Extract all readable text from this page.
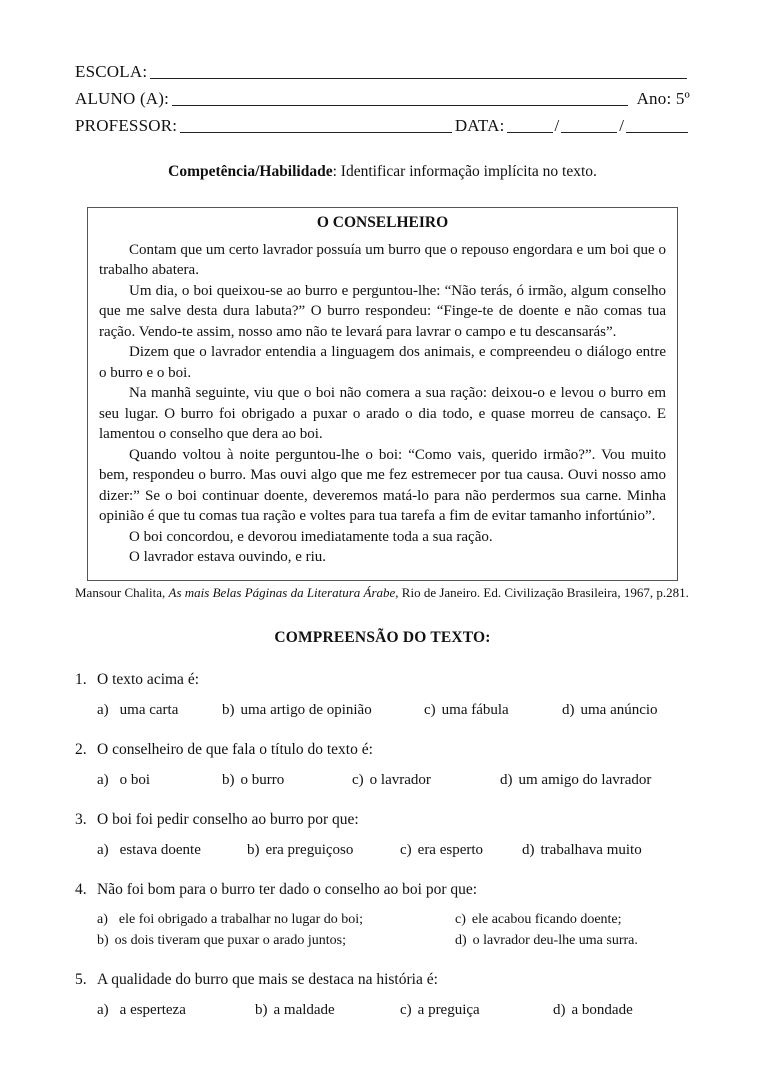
ESCOLA:
ALUNO (A):	Ano: 5º
PROFESSOR:	DATA:	/	/
Competência/Habilidade: Identificar informação implícita no texto.
O CONSELHEIRO

Contam que um certo lavrador possuía um burro que o repouso engordara e um boi que o trabalho abatera.

Um dia, o boi queixou-se ao burro e perguntou-lhe: “Não terás, ó irmão, algum conselho que me salve desta dura labuta?” O burro respondeu: “Finge-te de doente e não comas tua ração. Vendo-te assim, nosso amo não te levará para lavrar o campo e tu descansarás”.

Dizem que o lavrador entendia a linguagem dos animais, e compreendeu o diálogo entre o burro e o boi.

Na manhã seguinte, viu que o boi não comera a sua ração: deixou-o e levou o burro em seu lugar. O burro foi obrigado a puxar o arado o dia todo, e quase morreu de cansaço. E lamentou o conselho que dera ao boi.

Quando voltou à noite perguntou-lhe o boi: “Como vais, querido irmão?”. Vou muito bem, respondeu o burro. Mas ouvi algo que me fez estremecer por tua causa. Ouvi nosso amo dizer:” Se o boi continuar doente, deveremos matá-lo para não perdermos sua carne. Minha opinião é que tu comas tua ração e voltes para tua tarefa a fim de evitar tamanho infortúnio”.

O boi concordou, e devorou imediatamente toda a sua ração.

O lavrador estava ouvindo, e riu.

Mansour Chalita, As mais Belas Páginas da Literatura Árabe, Rio de Janeiro. Ed. Civilização Brasileira, 1967, p.281.
COMPREENSÃO DO TEXTO:
1. O texto acima é:
a) uma carta	b) uma artigo de opinião	c) uma fábula	d) uma anúncio
2. O conselheiro de que fala o título do texto é:
a) o boi	b) o burro	c) o lavrador	d) um amigo do lavrador
3. O boi foi pedir conselho ao burro por que:
a) estava doente	b) era preguiçoso	c) era esperto	d) trabalhava muito
4. Não foi bom para o burro ter dado o conselho ao boi por que:
a) ele foi obrigado a trabalhar no lugar do boi;
b) os dois tiveram que puxar o arado juntos;
c) ele acabou ficando doente;
d) o lavrador deu-lhe uma surra.
5. A qualidade do burro que mais se destaca na história é:
a) a esperteza	b) a maldade	c) a preguiça	d) a bondade
